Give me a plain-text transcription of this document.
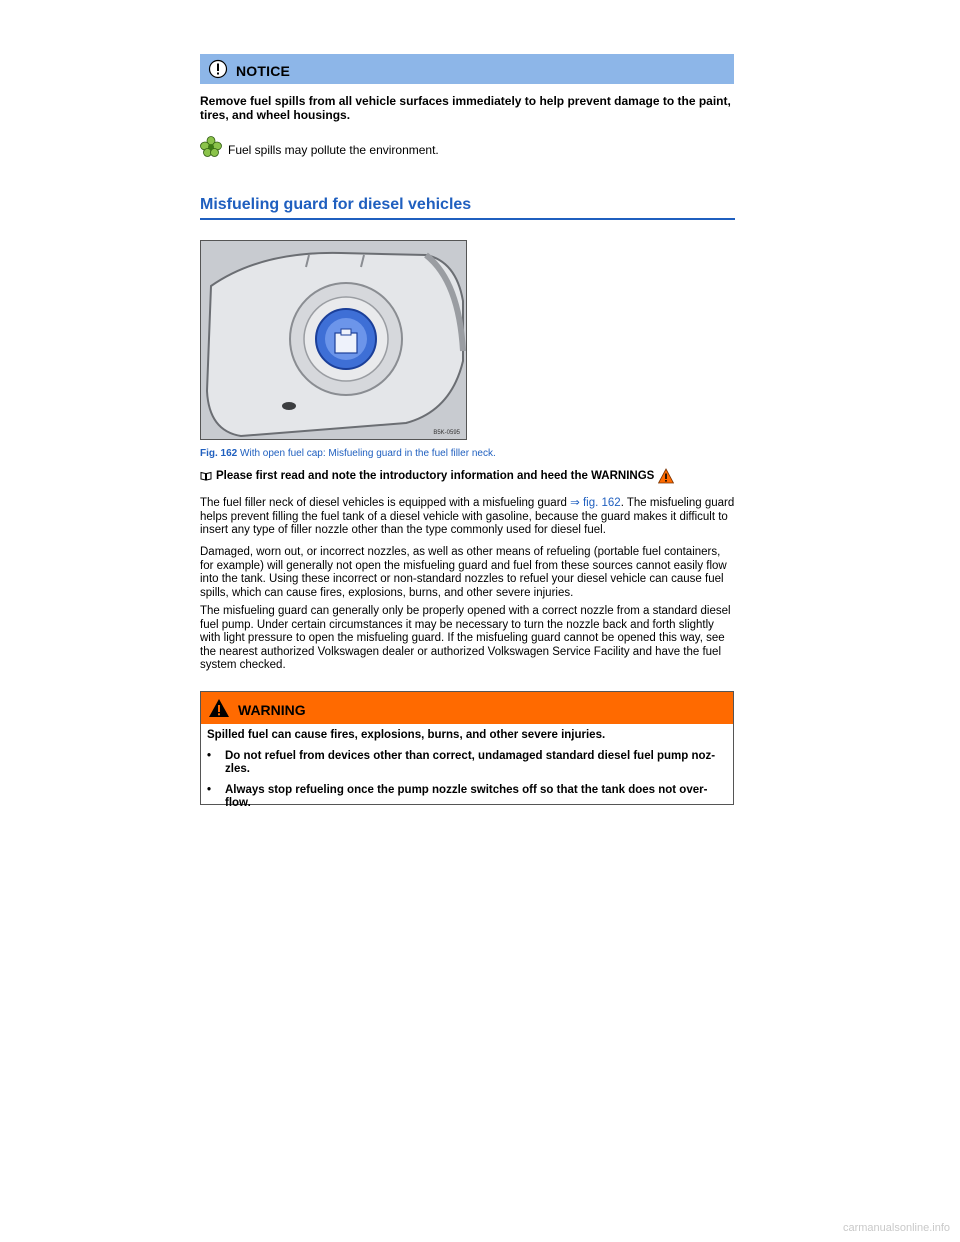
NOTICE
Remove fuel spills from all vehicle surfaces immediately to help prevent damage to the paint, tires, and wheel housings.
Fuel spills may pollute the environment.
Misfueling guard for diesel vehicles
B5K-0595
Fig. 162 With open fuel cap: Misfueling guard in the fuel filler neck.
Please first read and note the introductory information and heed the WARNINGS
The fuel filler neck of diesel vehicles is equipped with a misfueling guard ⇒ fig. 162. The misfueling guard helps prevent filling the fuel tank of a diesel vehicle with gasoline, because the guard makes it difficult to insert any type of filler nozzle other than the type commonly used for diesel fuel.
Damaged, worn out, or incorrect nozzles, as well as other means of refueling (portable fuel containers, for example) will generally not open the misfueling guard and fuel from these sources cannot easily flow into the tank. Using these incorrect or non-standard nozzles to refuel your diesel vehicle can cause fuel spills, which can cause fires, explosions, burns, and other severe injuries.
The misfueling guard can generally only be properly opened with a correct nozzle from a standard diesel fuel pump. Under certain circumstances it may be necessary to turn the nozzle back and forth slightly with light pressure to open the misfueling guard. If the misfueling guard cannot be opened this way, see the nearest authorized Volkswagen dealer or authorized Volkswagen Service Facility and have the fuel system checked.
WARNING

Spilled fuel can cause fires, explosions, burns, and other severe injuries.

•	Do not refuel from devices other than correct, undamaged standard diesel fuel pump noz-zles.

•	Always stop refueling once the pump nozzle switches off so that the tank does not over-flow.

carmanualsonline.info
